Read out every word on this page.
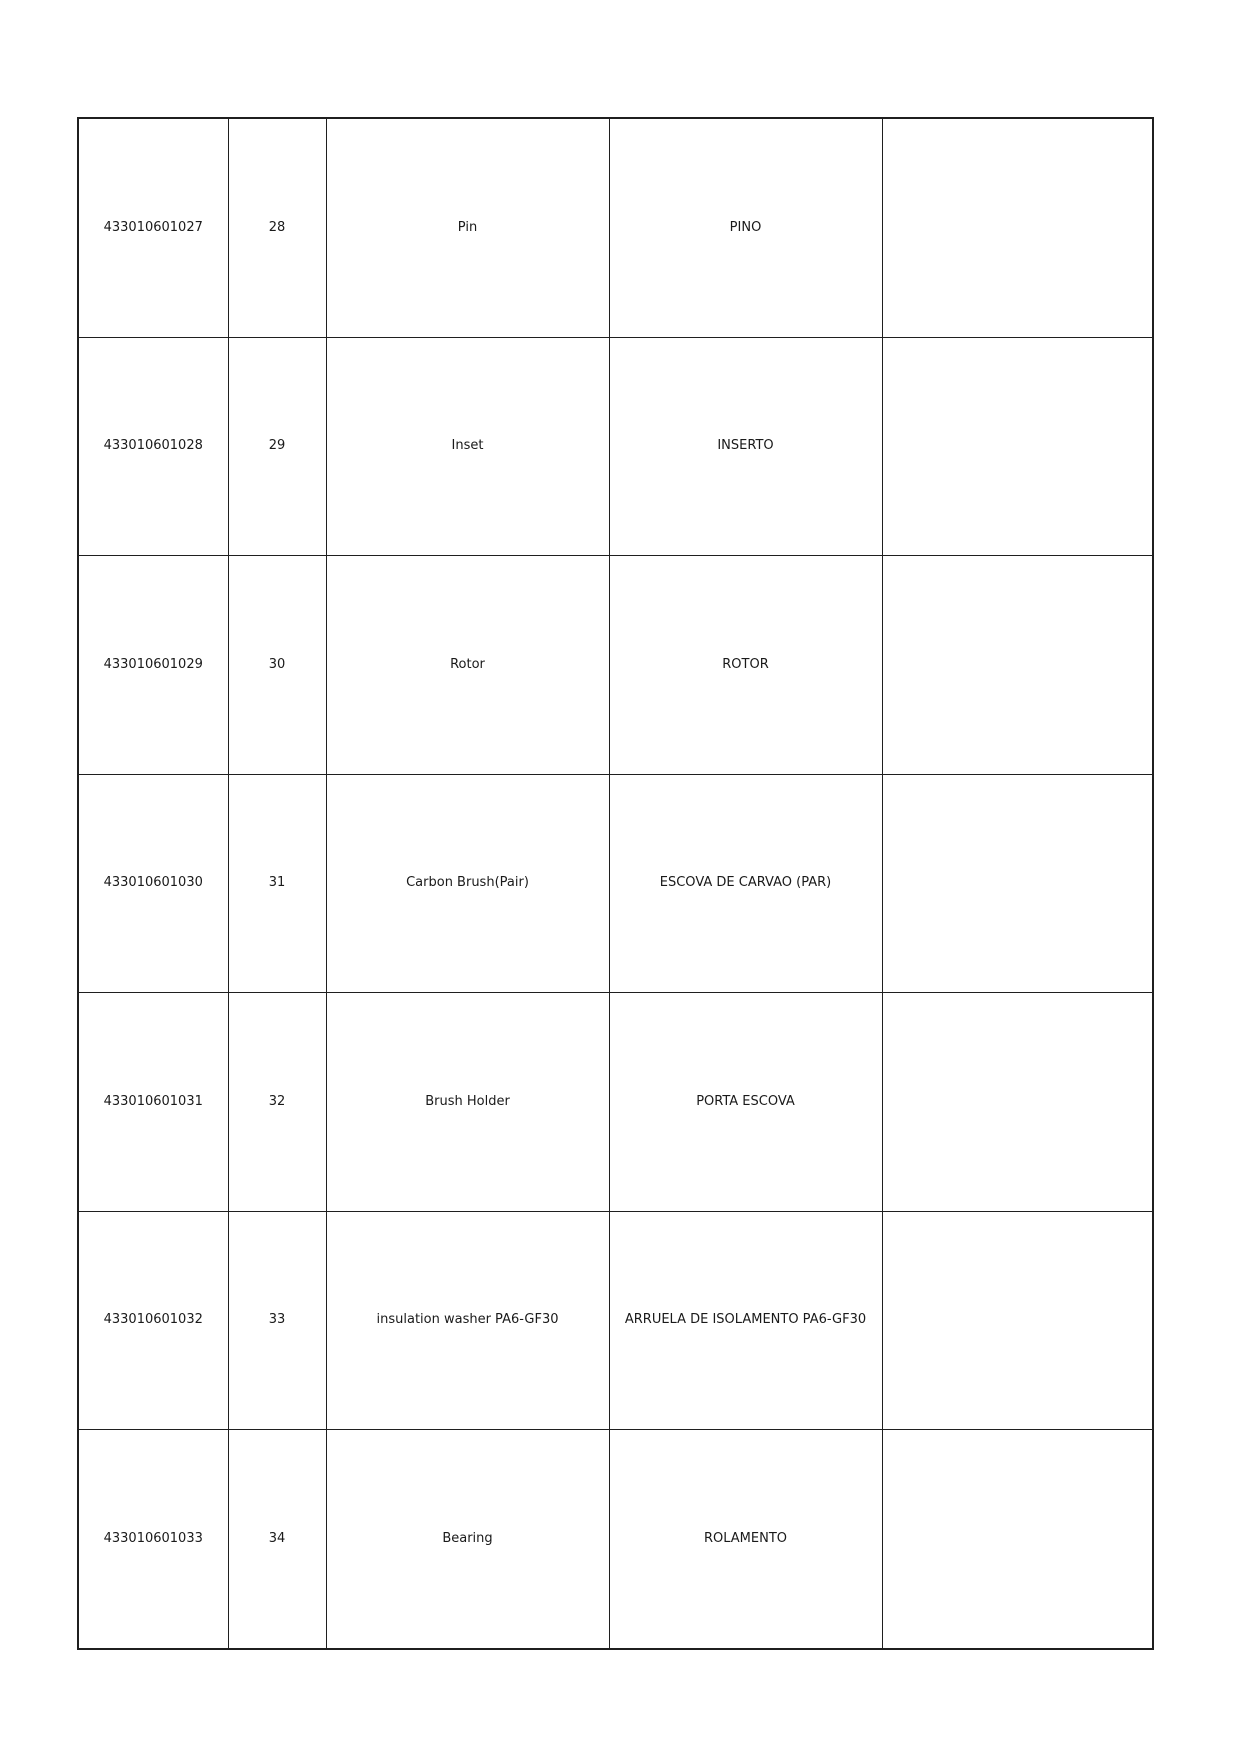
433010601027	28	Pin	PINO	
433010601028	29	Inset	INSERTO	
433010601029	30	Rotor	ROTOR	
433010601030	31	Carbon Brush(Pair)	ESCOVA DE CARVAO (PAR)	
433010601031	32	Brush Holder	PORTA ESCOVA	
433010601032	33	insulation washer PA6-GF30	ARRUELA DE ISOLAMENTO PA6-GF30	
433010601033	34	Bearing	ROLAMENTO	
